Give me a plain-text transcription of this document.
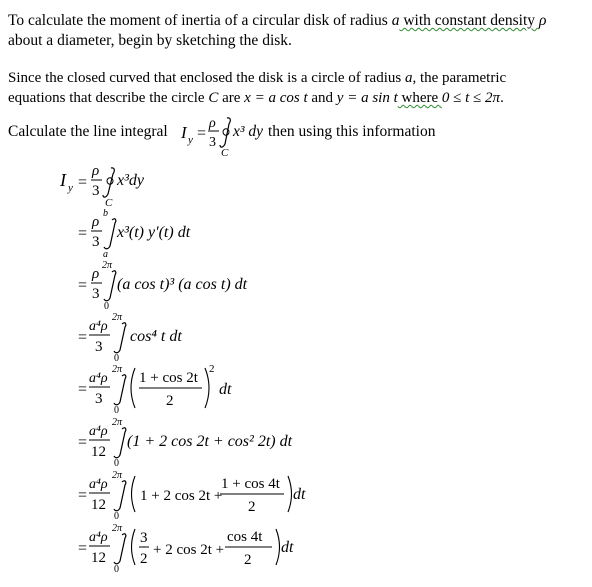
To calculate the moment of inertia of a circular disk of radius a with constant density ρ
about a diameter, begin by sketching the disk.
Since the closed curved that enclosed the disk is a circle of radius a, the parametric
equations that describe the circle C are x = a cos t and y = a sin t where 0 ≤ t ≤ 2π.
Calculate the line integral I y =
ρ
3
C
x³ dy then using this information
I y =
ρ
3
C
x³dy
=
ρ
3
b
a
x³(t) y′(t) dt
=
ρ
3
2π
0
(a cos t)³ (a cos t) dt
=
a⁴ρ
3
2π
0
cos⁴ t dt
=
a⁴ρ
3
2π
0
1 + cos 2t
2
2
dt
=
a⁴ρ
12
2π
0
(1 + 2 cos 2t + cos² 2t) dt
=
a⁴ρ
12
2π
0
1 + 2 cos 2t +
1 + cos 4t
2
dt
=
a⁴ρ
12
2π
0
3
2
+ 2 cos 2t +
cos 4t
2
dt
